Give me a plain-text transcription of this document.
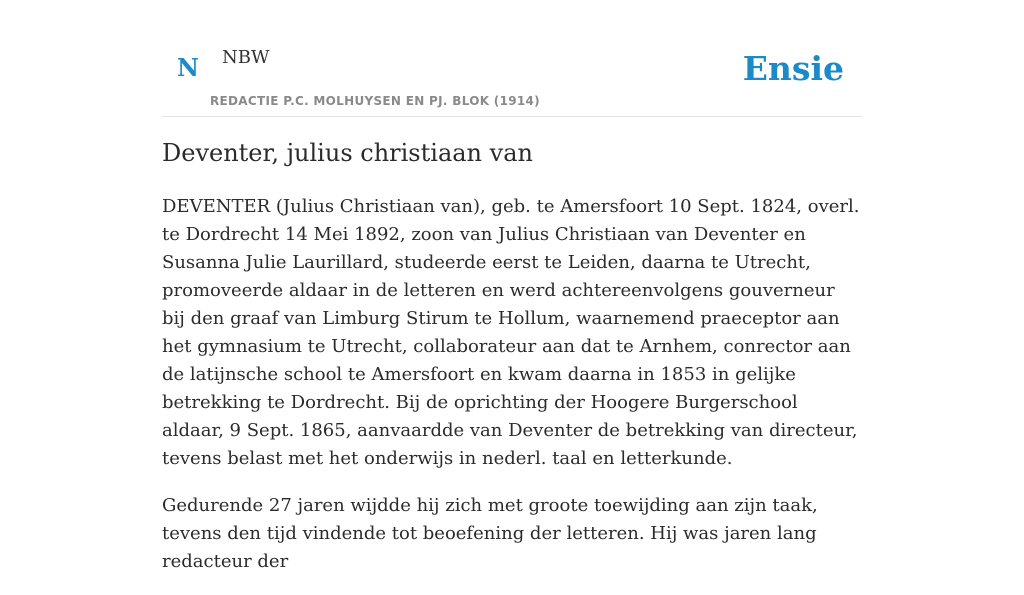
N NBW
REDACTIE P.C. MOLHUYSEN EN PJ. BLOK (1914)
Ensie
Deventer, julius christiaan van

DEVENTER (Julius Christiaan van), geb. te Amersfoort 10 Sept. 1824, overl. te Dordrecht 14 Mei 1892, zoon van Julius Christiaan van Deventer en Susanna Julie Laurillard, studeerde eerst te Leiden, daarna te Utrecht, promoveerde aldaar in de letteren en werd achtereenvolgens gouverneur bij den graaf van Limburg Stirum te Hollum, waarnemend praeceptor aan het gymnasium te Utrecht, collaborateur aan dat te Arnhem, conrector aan de latijnsche school te Amersfoort en kwam daarna in 1853 in gelijke betrekking te Dordrecht. Bij de oprichting der Hoogere Burgerschool aldaar, 9 Sept. 1865, aanvaardde van Deventer de betrekking van directeur, tevens belast met het onderwijs in nederl. taal en letterkunde.

Gedurende 27 jaren wijdde hij zich met groote toewijding aan zijn taak, tevens den tijd vindende tot beoefening der letteren. Hij was jaren lang redacteur der
